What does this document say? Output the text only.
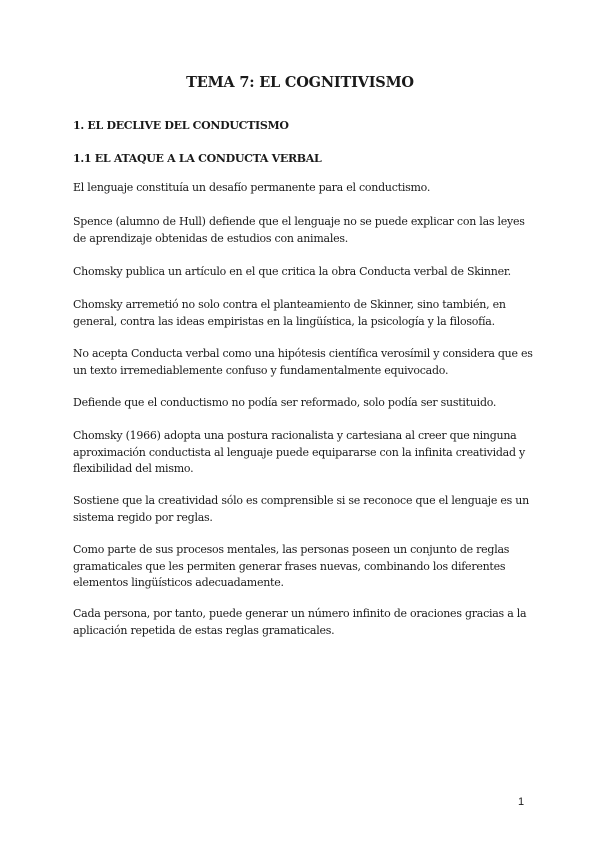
TEMA 7: EL COGNITIVISMO
1. EL DECLIVE DEL CONDUCTISMO
1.1 EL ATAQUE A LA CONDUCTA VERBAL

El lenguaje constituía un desafío permanente para el conductismo.

Spence (alumno de Hull) defiende que el lenguaje no se puede explicar con las leyes de aprendizaje obtenidas de estudios con animales.

Chomsky publica un artículo en el que critica la obra Conducta verbal de Skinner.

Chomsky arremetió no solo contra el planteamiento de Skinner, sino también, en general, contra las ideas empiristas en la lingüística, la psicología y la filosofía.

No acepta Conducta verbal como una hipótesis científica verosímil y considera que es un texto irremediablemente confuso y fundamentalmente equivocado.

Defiende que el conductismo no podía ser reformado, solo podía ser sustituido.

Chomsky (1966) adopta una postura racionalista y cartesiana al creer que ninguna aproximación conductista al lenguaje puede equipararse con la infinita creatividad y flexibilidad del mismo.

Sostiene que la creatividad sólo es comprensible si se reconoce que el lenguaje es un sistema regido por reglas.

Como parte de sus procesos mentales, las personas poseen un conjunto de reglas gramaticales que les permiten generar frases nuevas, combinando los diferentes elementos lingüísticos adecuadamente.

Cada persona, por tanto, puede generar un número infinito de oraciones gracias a la aplicación repetida de estas reglas gramaticales.

1
